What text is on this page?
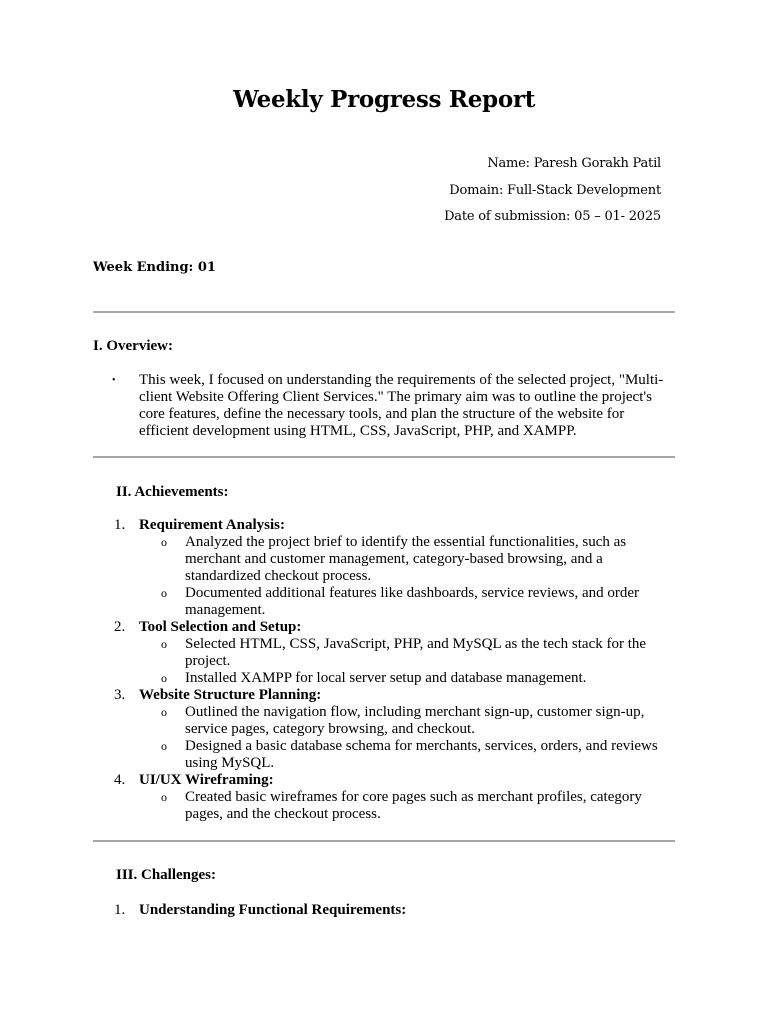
Weekly Progress Report
Name: Paresh Gorakh Patil
Domain: Full-Stack Development
Date of submission: 05 – 01- 2025
Week Ending: 01
I. Overview:
•	This week, I focused on understanding the requirements of the selected project, "Multi-client Website Offering Client Services." The primary aim was to outline the project's core features, define the necessary tools, and plan the structure of the website for efficient development using HTML, CSS, JavaScript, PHP, and XAMPP.
II. Achievements:
1. Requirement Analysis:
o	Analyzed the project brief to identify the essential functionalities, such as merchant and customer management, category-based browsing, and a standardized checkout process.
o	Documented additional features like dashboards, service reviews, and order management.
2. Tool Selection and Setup:
o	Selected HTML, CSS, JavaScript, PHP, and MySQL as the tech stack for the project.
o	Installed XAMPP for local server setup and database management.
3. Website Structure Planning:
o	Outlined the navigation flow, including merchant sign-up, customer sign-up, service pages, category browsing, and checkout.
o	Designed a basic database schema for merchants, services, orders, and reviews using MySQL.
4. UI/UX Wireframing:
o	Created basic wireframes for core pages such as merchant profiles, category pages, and the checkout process.
III. Challenges:
1. Understanding Functional Requirements:
